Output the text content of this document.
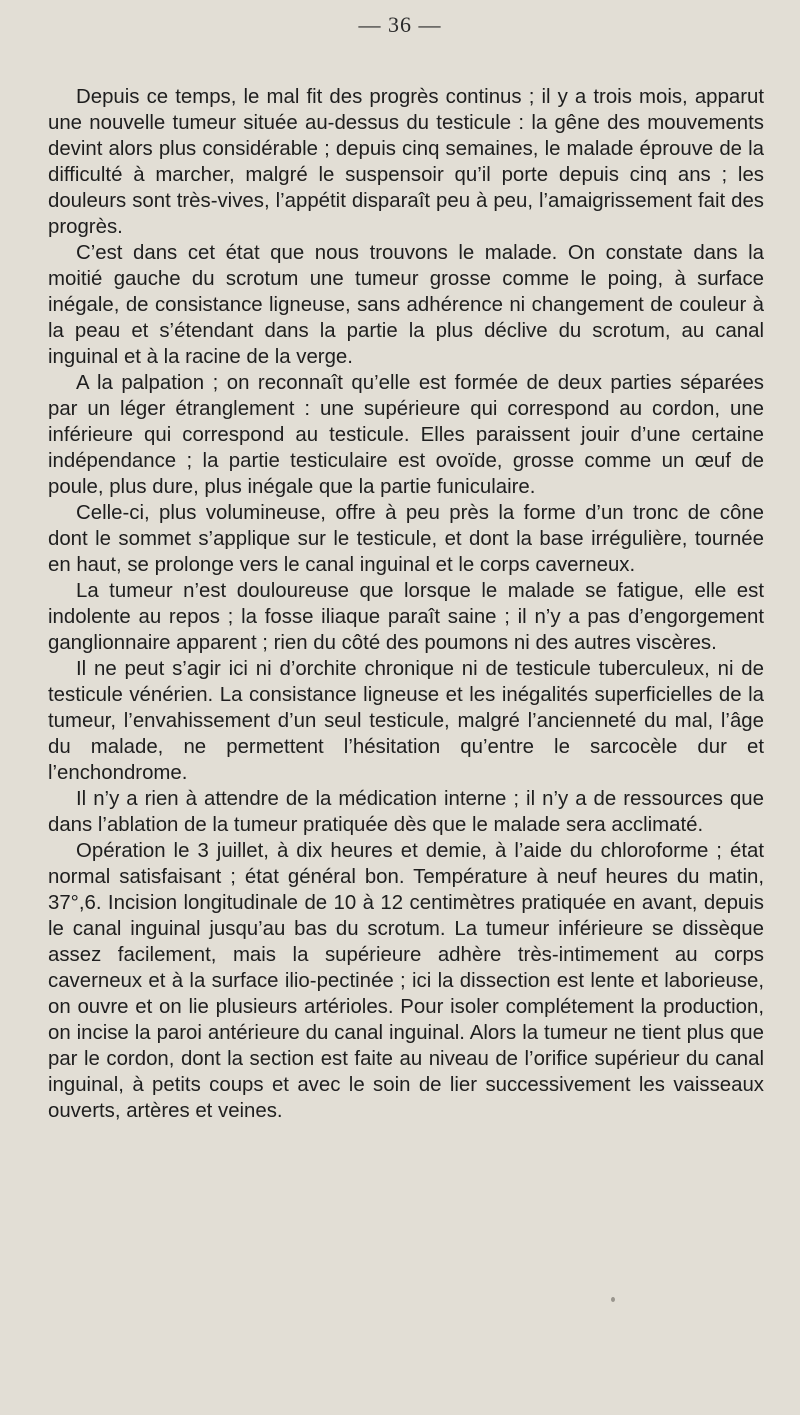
— 36 —

Depuis ce temps, le mal fit des progrès continus ; il y a trois mois, apparut une nouvelle tumeur située au-dessus du testicule : la gêne des mouvements devint alors plus considérable ; depuis cinq semaines, le malade éprouve de la difficulté à marcher, malgré le suspensoir qu’il porte depuis cinq ans ; les douleurs sont très-vives, l’appétit disparaît peu à peu, l’amaigrissement fait des progrès.

C’est dans cet état que nous trouvons le malade. On constate dans la moitié gauche du scrotum une tumeur grosse comme le poing, à surface inégale, de consistance ligneuse, sans adhérence ni changement de couleur à la peau et s’étendant dans la partie la plus déclive du scrotum, au canal inguinal et à la racine de la verge.

A la palpation ; on reconnaît qu’elle est formée de deux parties séparées par un léger étranglement : une supérieure qui correspond au cordon, une inférieure qui correspond au testicule. Elles paraissent jouir d’une certaine indépendance ; la partie testiculaire est ovoïde, grosse comme un œuf de poule, plus dure, plus inégale que la partie funiculaire.

Celle-ci, plus volumineuse, offre à peu près la forme d’un tronc de cône dont le sommet s’applique sur le testicule, et dont la base irrégulière, tournée en haut, se prolonge vers le canal inguinal et le corps caverneux.

La tumeur n’est douloureuse que lorsque le malade se fatigue, elle est indolente au repos ; la fosse iliaque paraît saine ; il n’y a pas d’engorgement ganglionnaire apparent ; rien du côté des poumons ni des autres viscères.

Il ne peut s’agir ici ni d’orchite chronique ni de testicule tuberculeux, ni de testicule vénérien. La consistance ligneuse et les inégalités superficielles de la tumeur, l’envahissement d’un seul testicule, malgré l’ancienneté du mal, l’âge du malade, ne permettent l’hésitation qu’entre le sarcocèle dur et l’enchondrome.

Il n’y a rien à attendre de la médication interne ; il n’y a de ressources que dans l’ablation de la tumeur pratiquée dès que le malade sera acclimaté.

Opération le 3 juillet, à dix heures et demie, à l’aide du chloroforme ; état normal satisfaisant ; état général bon. Température à neuf heures du matin, 37°,6. Incision longitudinale de 10 à 12 centimètres pratiquée en avant, depuis le canal inguinal jusqu’au bas du scrotum. La tumeur inférieure se dissèque assez facilement, mais la supérieure adhère très-intimement au corps caverneux et à la surface ilio-pectinée ; ici la dissection est lente et laborieuse, on ouvre et on lie plusieurs artérioles. Pour isoler complétement la production, on incise la paroi antérieure du canal inguinal. Alors la tumeur ne tient plus que par le cordon, dont la section est faite au niveau de l’orifice supérieur du canal inguinal, à petits coups et avec le soin de lier successivement les vaisseaux ouverts, artères et veines.
